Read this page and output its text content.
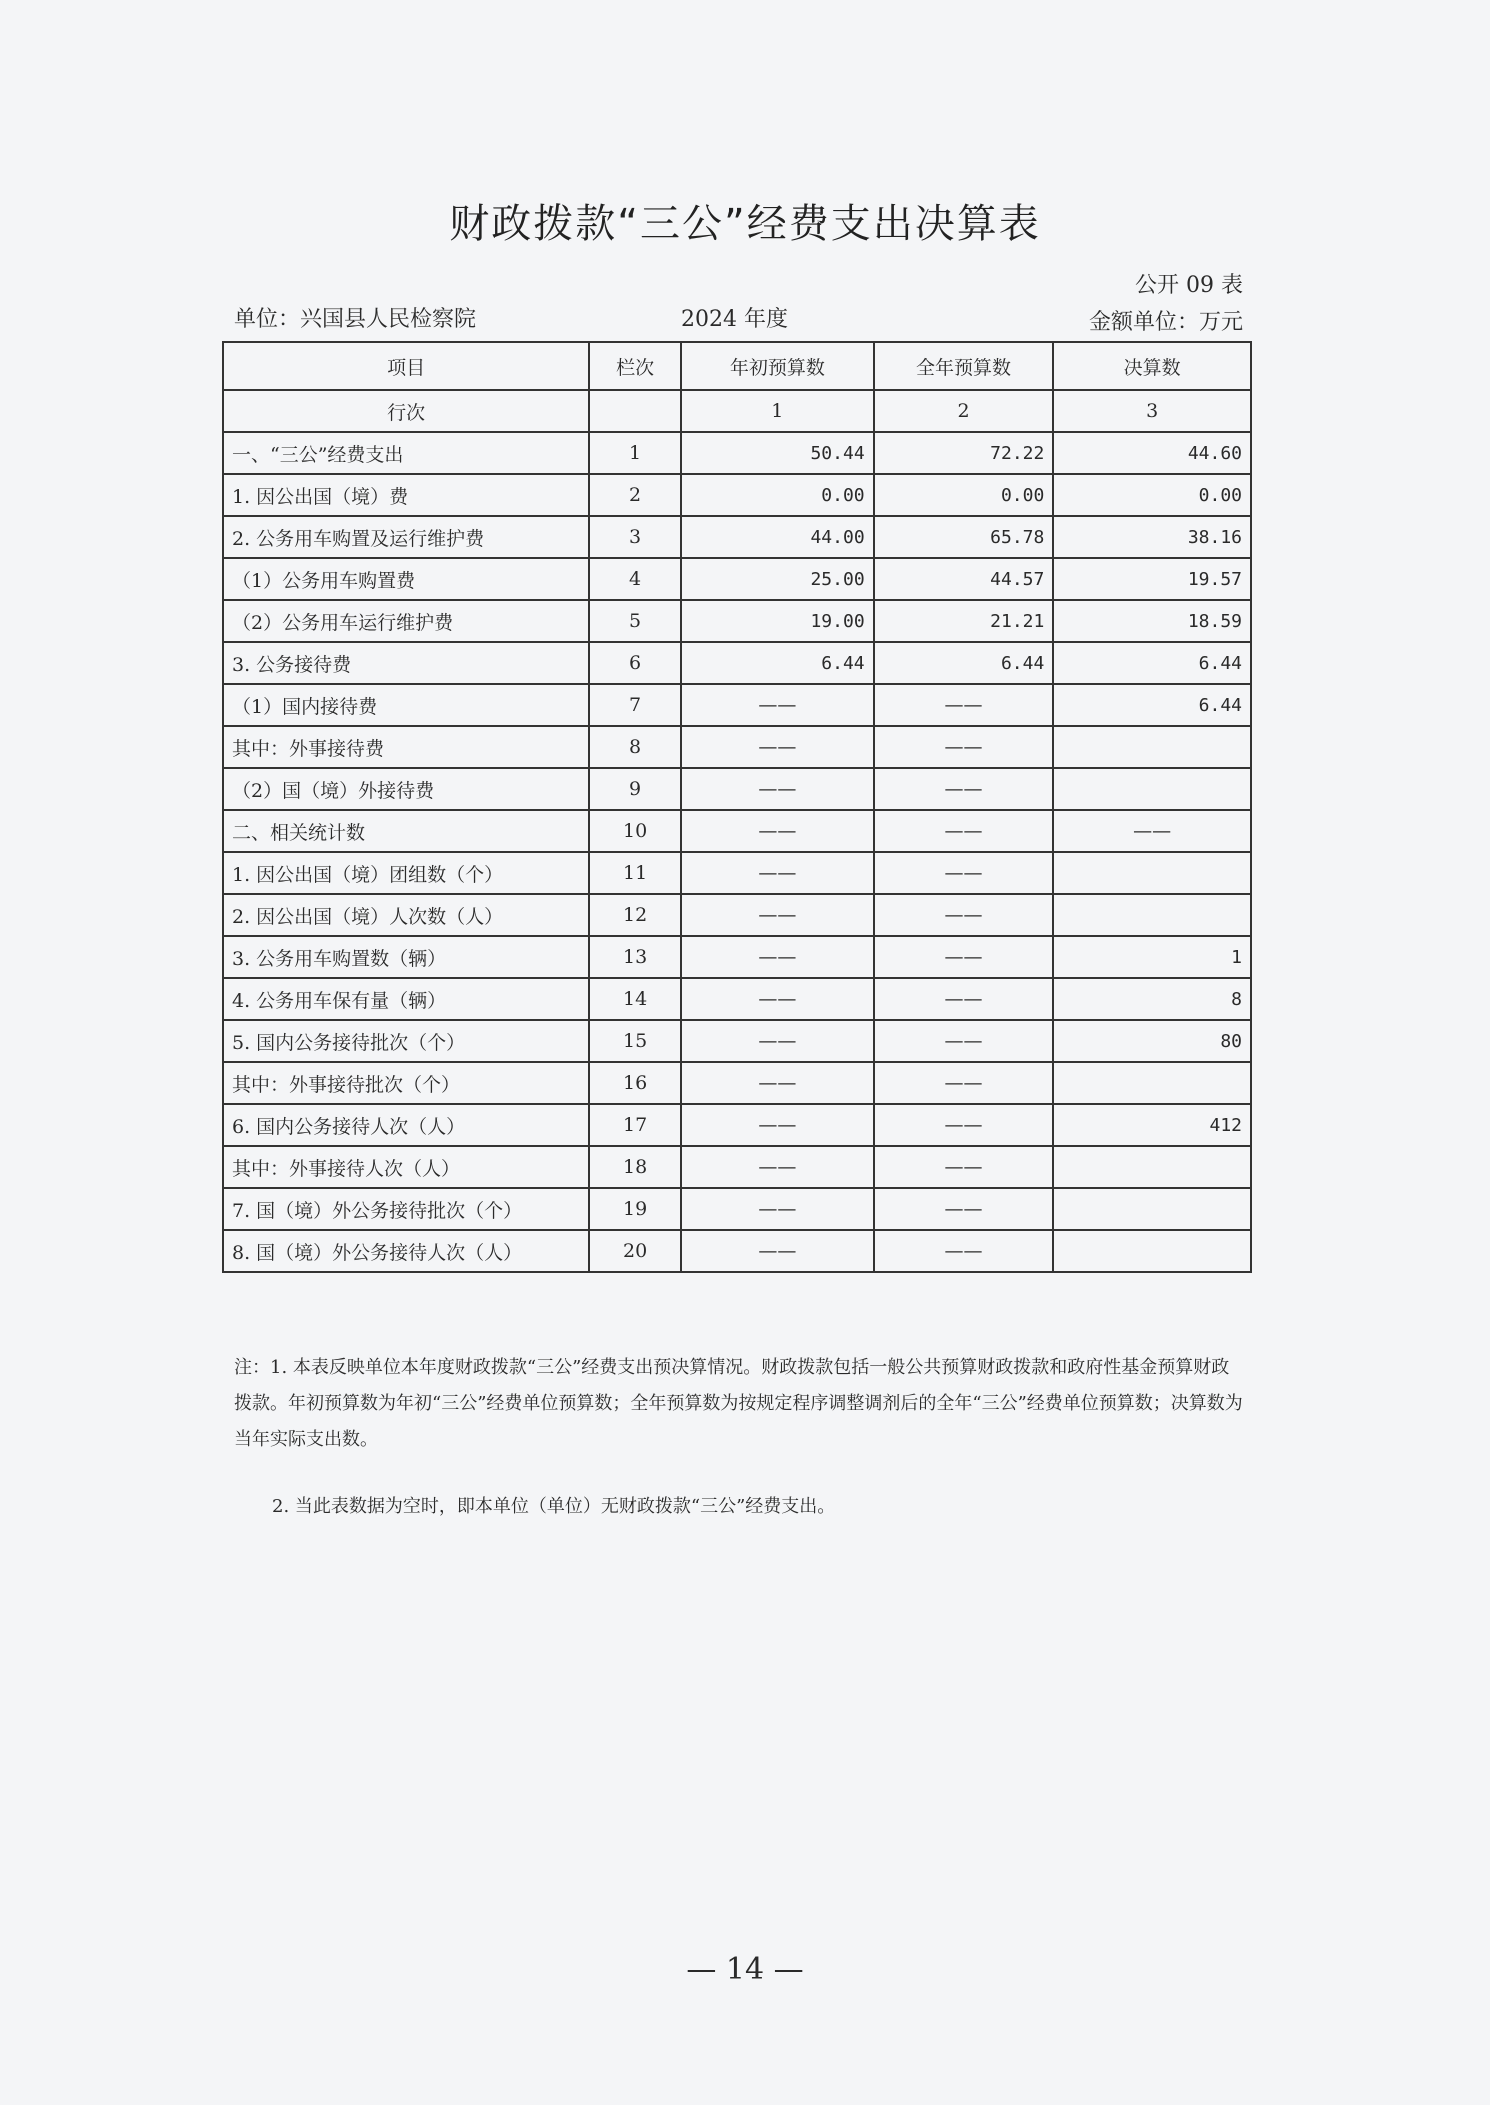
财政拨款“三公”经费支出决算表
公开 09 表
单位：兴国县人民检察院	2024 年度	金额单位：万元
项目	栏次	年初预算数	全年预算数	决算数
行次		1	2	3
一、“三公”经费支出	1	50.44	72.22	44.60
1. 因公出国（境）费	2	0.00	0.00	0.00
2. 公务用车购置及运行维护费	3	44.00	65.78	38.16
（1）公务用车购置费	4	25.00	44.57	19.57
（2）公务用车运行维护费	5	19.00	21.21	18.59
3. 公务接待费	6	6.44	6.44	6.44
（1）国内接待费	7	——	——	6.44
其中：外事接待费	8	——	——	
（2）国（境）外接待费	9	——	——	
二、相关统计数	10	——	——	——
1. 因公出国（境）团组数（个）	11	——	——	
2. 因公出国（境）人次数（人）	12	——	——	
3. 公务用车购置数（辆）	13	——	——	1
4. 公务用车保有量（辆）	14	——	——	8
5. 国内公务接待批次（个）	15	——	——	80
其中：外事接待批次（个）	16	——	——	
6. 国内公务接待人次（人）	17	——	——	412
其中：外事接待人次（人）	18	——	——	
7. 国（境）外公务接待批次（个）	19	——	——	
8. 国（境）外公务接待人次（人）	20	——	——	
注：1. 本表反映单位本年度财政拨款“三公”经费支出预决算情况。财政拨款包括一般公共预算财政拨款和政府性基金预算财政拨款。年初预算数为年初“三公”经费单位预算数；全年预算数为按规定程序调整调剂后的全年“三公”经费单位预算数；决算数为当年实际支出数。
2. 当此表数据为空时，即本单位（单位）无财政拨款“三公”经费支出。
— 14 —
